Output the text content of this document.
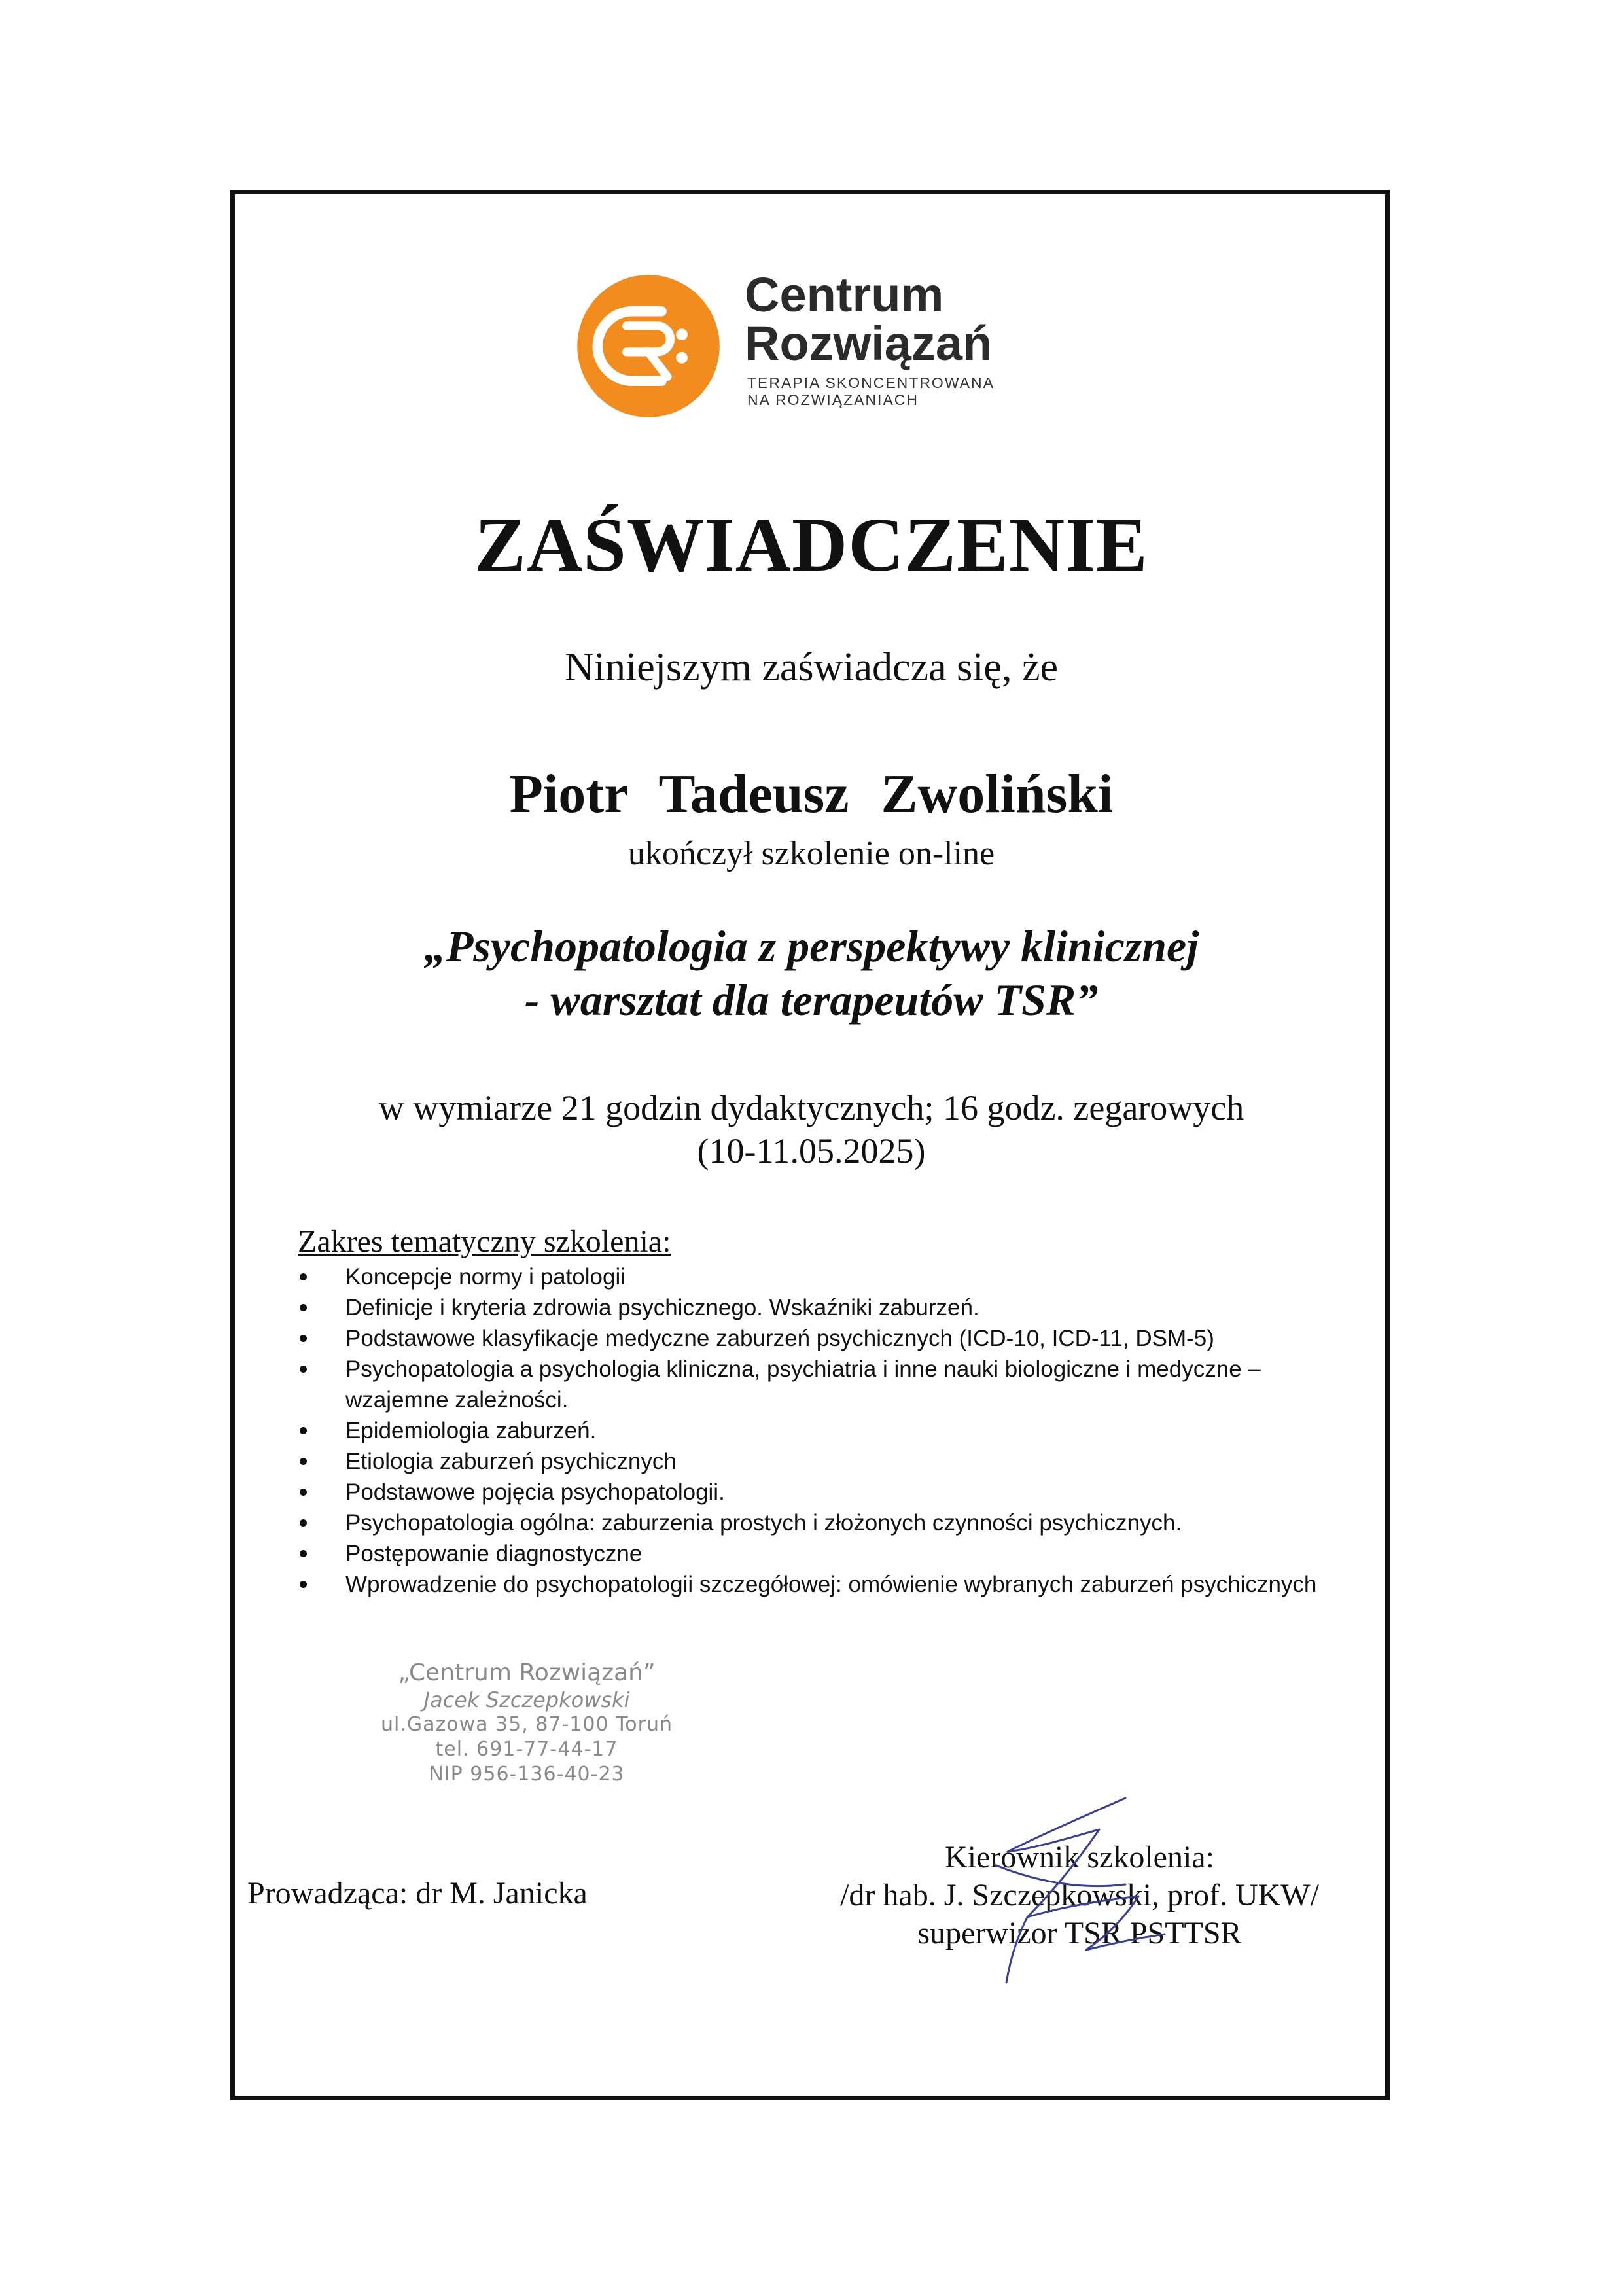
Centrum
Rozwiązań
TERAPIA SKONCENTROWANA
NA ROZWIĄZANIACH
ZAŚWIADCZENIE
Niniejszym zaświadcza się, że
Piotr Tadeusz Zwoliński
ukończył szkolenie on-line
„Psychopatologia z perspektywy klinicznej
- warsztat dla terapeutów TSR”
w wymiarze 21 godzin dydaktycznych; 16 godz. zegarowych
(10-11.05.2025)
Zakres tematyczny szkolenia:
Koncepcje normy i patologii
Definicje i kryteria zdrowia psychicznego. Wskaźniki zaburzeń.
Podstawowe klasyfikacje medyczne zaburzeń psychicznych (ICD-10, ICD-11, DSM-5)
Psychopatologia a psychologia kliniczna, psychiatria i inne nauki biologiczne i medyczne – wzajemne zależności.
Epidemiologia zaburzeń.
Etiologia zaburzeń psychicznych
Podstawowe pojęcia psychopatologii.
Psychopatologia ogólna: zaburzenia prostych i złożonych czynności psychicznych.
Postępowanie diagnostyczne
Wprowadzenie do psychopatologii szczegółowej: omówienie wybranych zaburzeń psychicznych
„Centrum Rozwiązań”
Jacek Szczepkowski
ul.Gazowa 35, 87-100 Toruń
tel. 691-77-44-17
NIP 956-136-40-23
Prowadząca: dr M. Janicka
Kierownik szkolenia:
/dr hab. J. Szczepkowski, prof. UKW/
superwizor TSR PSTTSR
